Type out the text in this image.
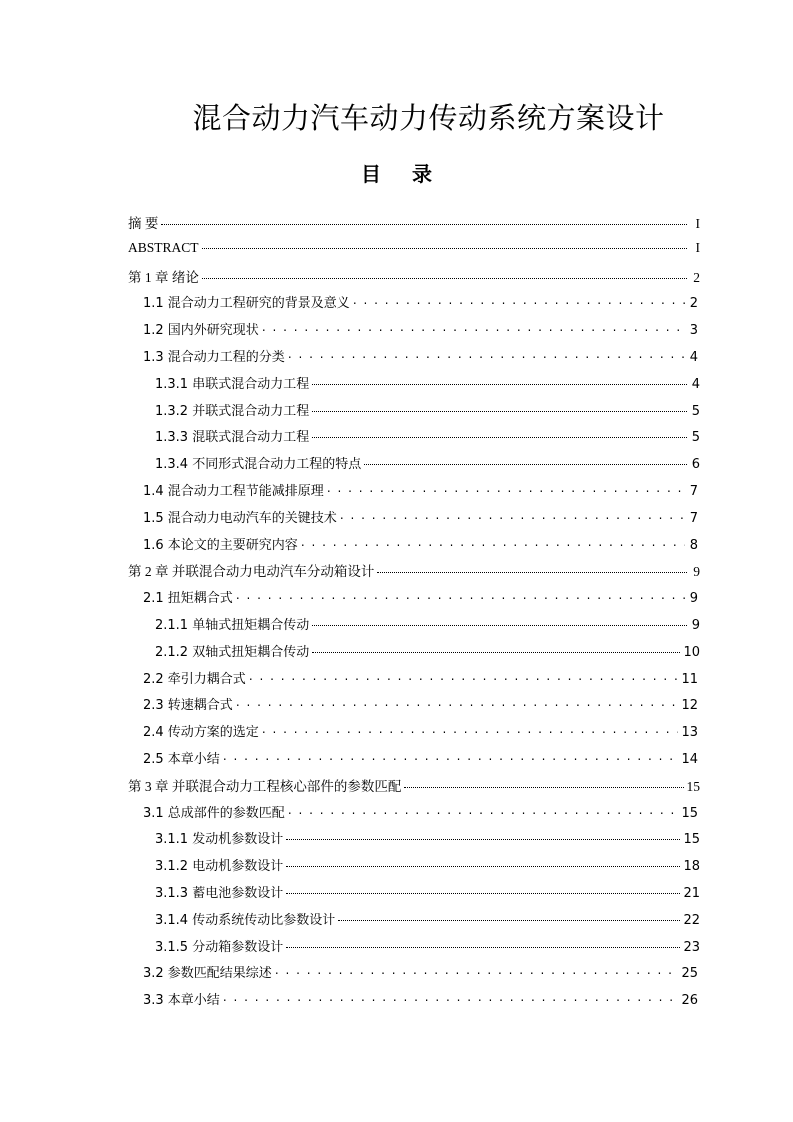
混合动力汽车动力传动系统方案设计
目 录
摘 要	I
ABSTRACT	I
第 1 章 绪论	2
1.1 混合动力工程研究的背景及意义 . . .	2
1.2 国内外研究现状 . . .	3
1.3 混合动力工程的分类 . . .	4
1.3.1 串联式混合动力工程	4
1.3.2 并联式混合动力工程	5
1.3.3 混联式混合动力工程	5
1.3.4 不同形式混合动力工程的特点	6
1.4 混合动力工程节能减排原理 . . .	7
1.5 混合动力电动汽车的关键技术 . . .	7
1.6 本论文的主要研究内容 . . .	8
第 2 章 并联混合动力电动汽车分动箱设计	9
2.1 扭矩耦合式 . . .	9
2.1.1 单轴式扭矩耦合传动	9
2.1.2 双轴式扭矩耦合传动	10
2.2 牵引力耦合式 . . .	11
2.3 转速耦合式 . . .	12
2.4 传动方案的选定 . . .	13
2.5 本章小结 . . .	14
第 3 章 并联混合动力工程核心部件的参数匹配	15
3.1 总成部件的参数匹配 . . .	15
3.1.1 发动机参数设计	15
3.1.2 电动机参数设计	18
3.1.3 蓄电池参数设计	21
3.1.4 传动系统传动比参数设计	22
3.1.5 分动箱参数设计	23
3.2 参数匹配结果综述 . . .	25
3.3 本章小结 . . .	26
